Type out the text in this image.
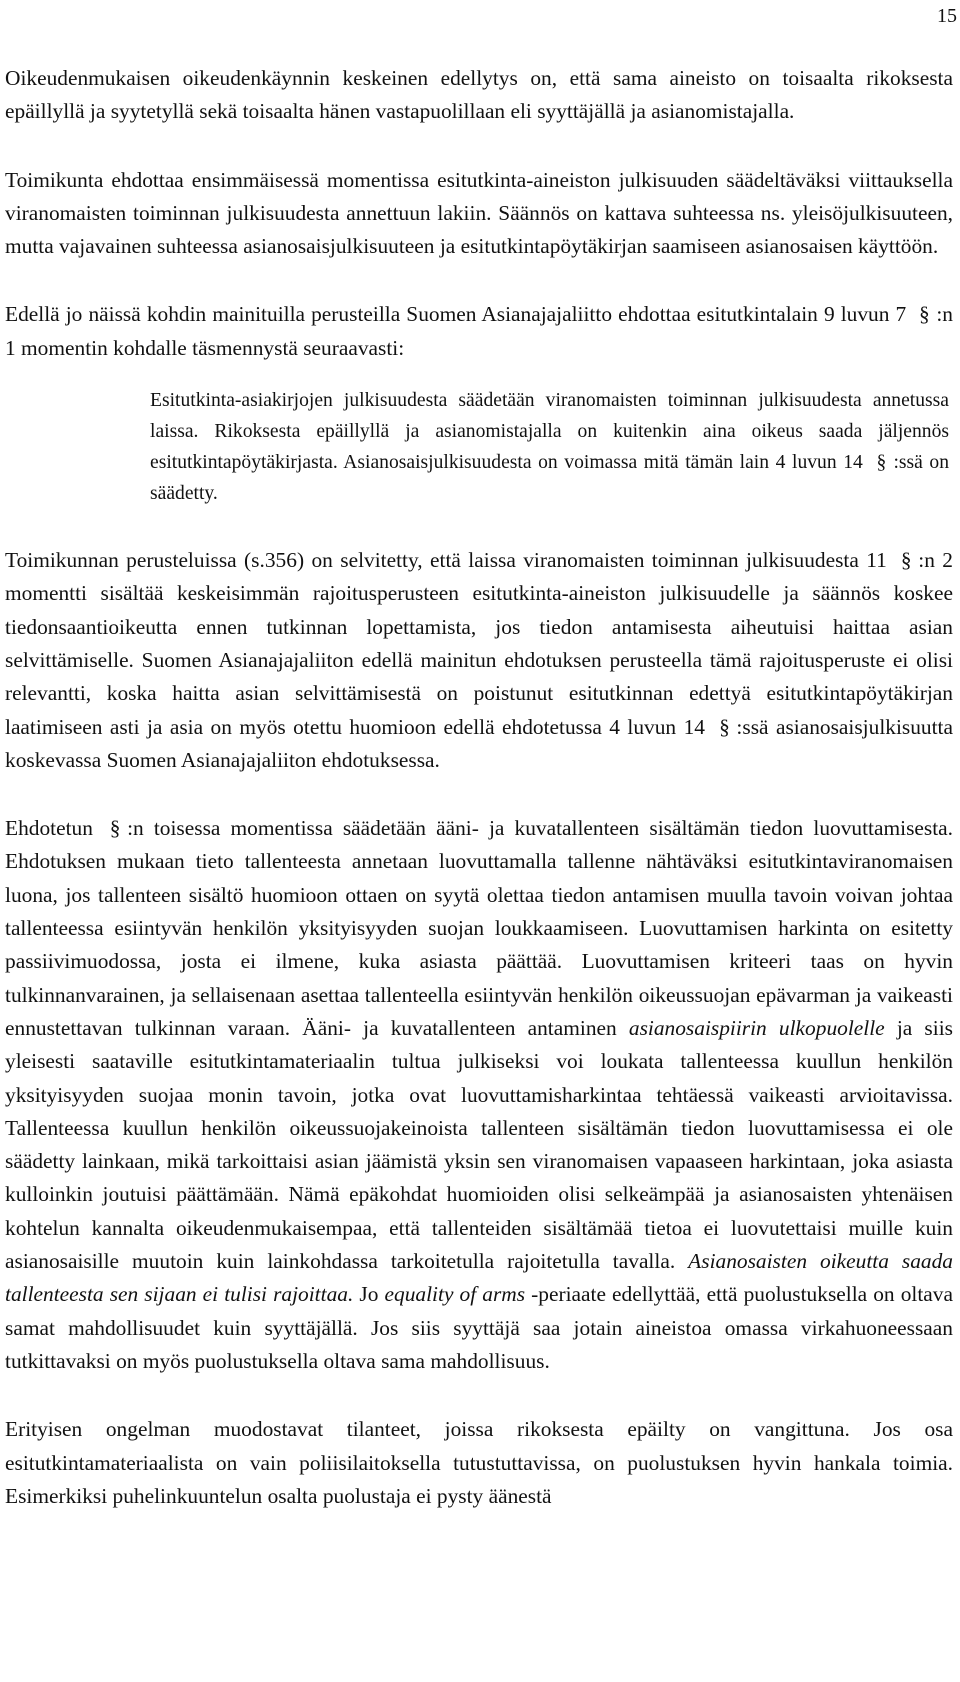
15

Oikeudenmukaisen oikeudenkäynnin keskeinen edellytys on, että sama aineisto on toisaalta rikoksesta epäillyllä ja syytetyllä sekä toisaalta hänen vastapuolillaan eli syyttäjällä ja asianomistajalla.

Toimikunta ehdottaa ensimmäisessä momentissa esitutkinta-aineiston julkisuuden säädeltäväksi viittauksella viranomaisten toiminnan julkisuudesta annettuun lakiin. Säännös on kattava suhteessa ns. yleisöjulkisuuteen, mutta vajavainen suhteessa asianosaisjulkisuuteen ja esitutkintapöytäkirjan saamiseen asianosaisen käyttöön.

Edellä jo näissä kohdin mainituilla perusteilla Suomen Asianajajaliitto ehdottaa esitutkintalain 9 luvun 7 § :n 1 momentin kohdalle täsmennystä seuraavasti:

Esitutkinta-asiakirjojen julkisuudesta säädetään viranomaisten toiminnan julkisuudesta annetussa laissa. Rikoksesta epäillyllä ja asianomistajalla on kuitenkin aina oikeus saada jäljennös esitutkintapöytäkirjasta. Asianosaisjulkisuudesta on voimassa mitä tämän lain 4 luvun 14 § :ssä on säädetty.

Toimikunnan perusteluissa (s.356) on selvitetty, että laissa viranomaisten toiminnan julkisuudesta 11 § :n 2 momentti sisältää keskeisimmän rajoitusperusteen esitutkinta-aineiston julkisuudelle ja säännös koskee tiedonsaantioikeutta ennen tutkinnan lopettamista, jos tiedon antamisesta aiheutuisi haittaa asian selvittämiselle. Suomen Asianajajaliiton edellä mainitun ehdotuksen perusteella tämä rajoitusperuste ei olisi relevantti, koska haitta asian selvittämisestä on poistunut esitutkinnan edettyä esitutkintapöytäkirjan laatimiseen asti ja asia on myös otettu huomioon edellä ehdotetussa 4 luvun 14 § :ssä asianosaisjulkisuutta koskevassa Suomen Asianajajaliiton ehdotuksessa.

Ehdotetun § :n toisessa momentissa säädetään ääni- ja kuvatallenteen sisältämän tiedon luovuttamisesta. Ehdotuksen mukaan tieto tallenteesta annetaan luovuttamalla tallenne nähtäväksi esitutkintaviranomaisen luona, jos tallenteen sisältö huomioon ottaen on syytä olettaa tiedon antamisen muulla tavoin voivan johtaa tallenteessa esiintyvän henkilön yksityisyyden suojan loukkaamiseen. Luovuttamisen harkinta on esitetty passiivimuodossa, josta ei ilmene, kuka asiasta päättää. Luovuttamisen kriteeri taas on hyvin tulkinnanvarainen, ja sellaisenaan asettaa tallenteella esiintyvän henkilön oikeussuojan epävarman ja vaikeasti ennustettavan tulkinnan varaan. Ääni- ja kuvatallenteen antaminen asianosaispiirin ulkopuolelle ja siis yleisesti saataville esitutkintamateriaalin tultua julkiseksi voi loukata tallenteessa kuullun henkilön yksityisyyden suojaa monin tavoin, jotka ovat luovuttamisharkintaa tehtäessä vaikeasti arvioitavissa. Tallenteessa kuullun henkilön oikeussuojakeinoista tallenteen sisältämän tiedon luovuttamisessa ei ole säädetty lainkaan, mikä tarkoittaisi asian jäämistä yksin sen viranomaisen vapaaseen harkintaan, joka asiasta kulloinkin joutuisi päättämään. Nämä epäkohdat huomioiden olisi selkeämpää ja asianosaisten yhtenäisen kohtelun kannalta oikeudenmukaisempaa, että tallenteiden sisältämää tietoa ei luovutettaisi muille kuin asianosaisille muutoin kuin lainkohdassa tarkoitetulla rajoitetulla tavalla. Asianosaisten oikeutta saada tallenteesta sen sijaan ei tulisi rajoittaa. Jo equality of arms -periaate edellyttää, että puolustuksella on oltava samat mahdollisuudet kuin syyttäjällä. Jos siis syyttäjä saa jotain aineistoa omassa virkahuoneessaan tutkittavaksi on myös puolustuksella oltava sama mahdollisuus.

Erityisen ongelman muodostavat tilanteet, joissa rikoksesta epäilty on vangittuna. Jos osa esitutkintamateriaalista on vain poliisilaitoksella tutustuttavissa, on puolustuksen hyvin hankala toimia. Esimerkiksi puhelinkuuntelun osalta puolustaja ei pysty äänestä
